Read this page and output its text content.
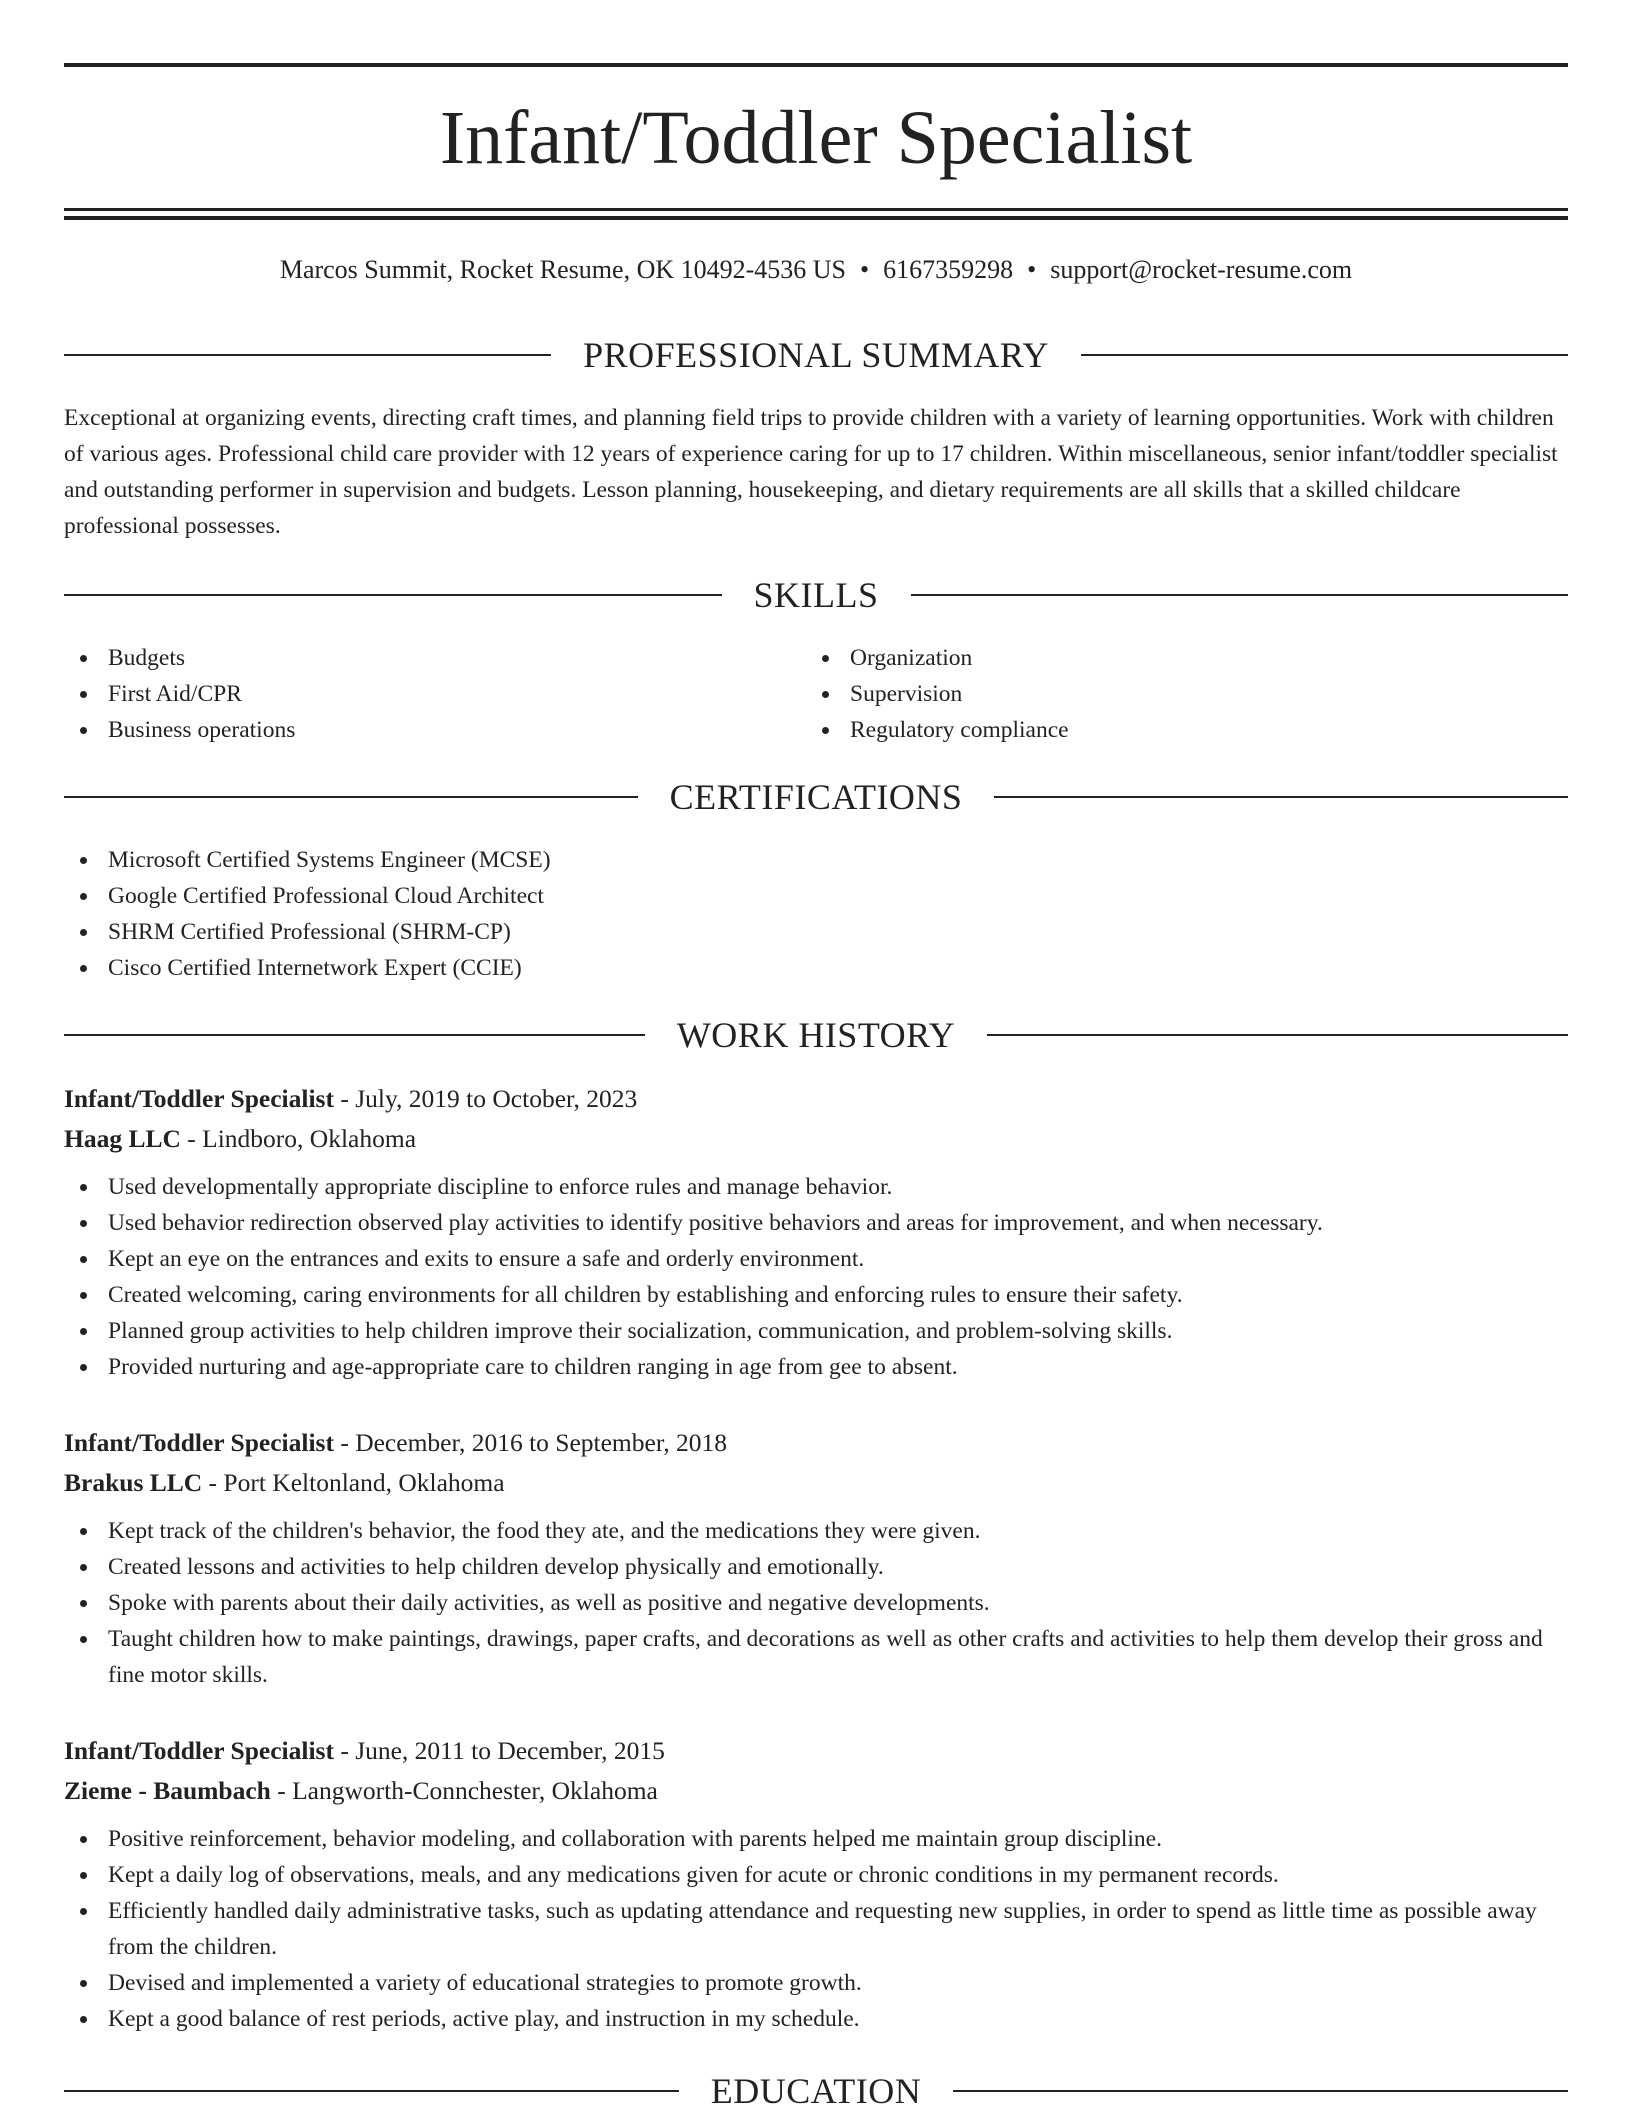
Infant/Toddler Specialist
Marcos Summit, Rocket Resume, OK 10492-4536 US • 6167359298 • support@rocket-resume.com
PROFESSIONAL SUMMARY

Exceptional at organizing events, directing craft times, and planning field trips to provide children with a variety of learning opportunities. Work with children of various ages. Professional child care provider with 12 years of experience caring for up to 17 children. Within miscellaneous, senior infant/toddler specialist and outstanding performer in supervision and budgets. Lesson planning, housekeeping, and dietary requirements are all skills that a skilled childcare professional possesses.

SKILLS
Budgets
First Aid/CPR
Business operations
Organization
Supervision
Regulatory compliance
CERTIFICATIONS
Microsoft Certified Systems Engineer (MCSE)
Google Certified Professional Cloud Architect
SHRM Certified Professional (SHRM-CP)
Cisco Certified Internetwork Expert (CCIE)
WORK HISTORY
Infant/Toddler Specialist - July, 2019 to October, 2023
Haag LLC - Lindboro, Oklahoma
Used developmentally appropriate discipline to enforce rules and manage behavior.
Used behavior redirection observed play activities to identify positive behaviors and areas for improvement, and when necessary.
Kept an eye on the entrances and exits to ensure a safe and orderly environment.
Created welcoming, caring environments for all children by establishing and enforcing rules to ensure their safety.
Planned group activities to help children improve their socialization, communication, and problem-solving skills.
Provided nurturing and age-appropriate care to children ranging in age from gee to absent.
Infant/Toddler Specialist - December, 2016 to September, 2018
Brakus LLC - Port Keltonland, Oklahoma
Kept track of the children's behavior, the food they ate, and the medications they were given.
Created lessons and activities to help children develop physically and emotionally.
Spoke with parents about their daily activities, as well as positive and negative developments.
Taught children how to make paintings, drawings, paper crafts, and decorations as well as other crafts and activities to help them develop their gross and fine motor skills.
Infant/Toddler Specialist - June, 2011 to December, 2015
Zieme - Baumbach - Langworth-Connchester, Oklahoma
Positive reinforcement, behavior modeling, and collaboration with parents helped me maintain group discipline.
Kept a daily log of observations, meals, and any medications given for acute or chronic conditions in my permanent records.
Efficiently handled daily administrative tasks, such as updating attendance and requesting new supplies, in order to spend as little time as possible away from the children.
Devised and implemented a variety of educational strategies to promote growth.
Kept a good balance of rest periods, active play, and instruction in my schedule.
EDUCATION
